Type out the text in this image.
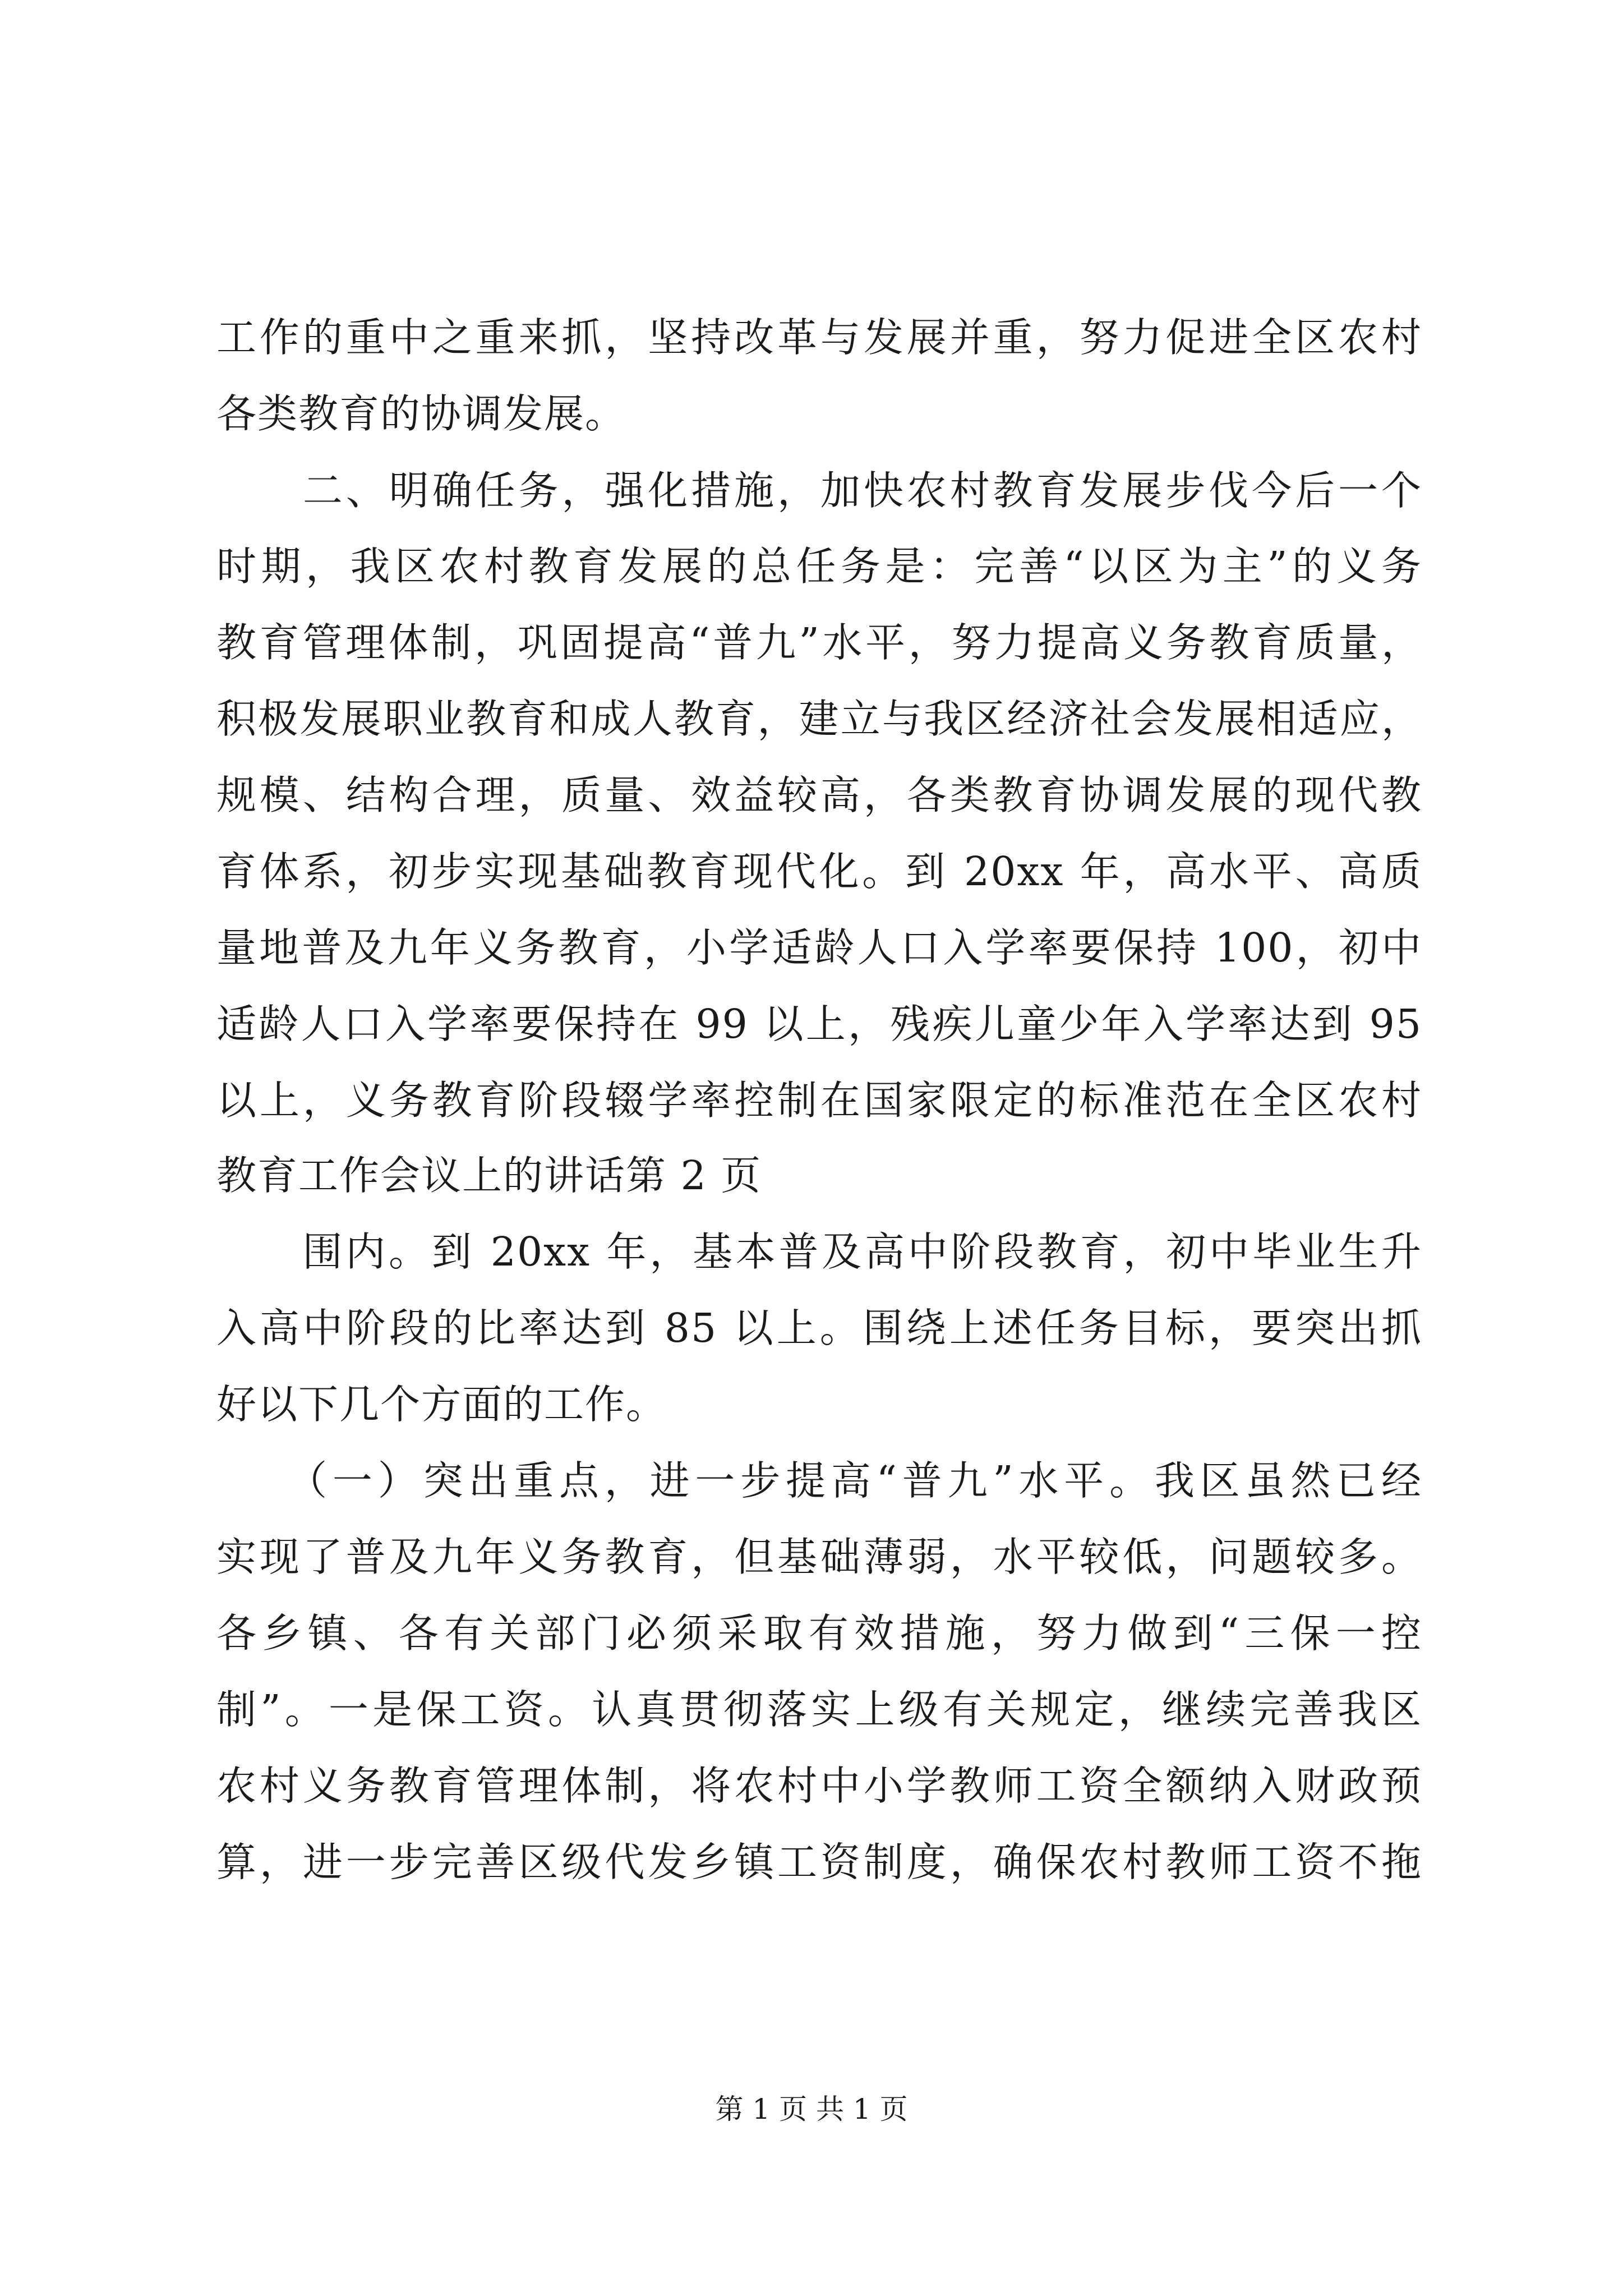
工作的重中之重来抓，坚持改革与发展并重，努力促进全区农村
各类教育的协调发展。
　　二、明确任务，强化措施，加快农村教育发展步伐今后一个
时期，我区农村教育发展的总任务是：完善“以区为主”的义务
教育管理体制，巩固提高“普九”水平，努力提高义务教育质量，
积极发展职业教育和成人教育，建立与我区经济社会发展相适应，
规模、结构合理，质量、效益较高，各类教育协调发展的现代教
育体系，初步实现基础教育现代化。到 20xx 年，高水平、高质
量地普及九年义务教育，小学适龄人口入学率要保持 100，初中
适龄人口入学率要保持在 99 以上，残疾儿童少年入学率达到 95
以上，义务教育阶段辍学率控制在国家限定的标准范在全区农村
教育工作会议上的讲话第 2 页
　　围内。到 20xx 年，基本普及高中阶段教育，初中毕业生升
入高中阶段的比率达到 85 以上。围绕上述任务目标，要突出抓
好以下几个方面的工作。
　　（一）突出重点，进一步提高“普九”水平。我区虽然已经
实现了普及九年义务教育，但基础薄弱，水平较低，问题较多。
各乡镇、各有关部门必须采取有效措施，努力做到“三保一控
制”。一是保工资。认真贯彻落实上级有关规定，继续完善我区
农村义务教育管理体制，将农村中小学教师工资全额纳入财政预
算，进一步完善区级代发乡镇工资制度，确保农村教师工资不拖
第 1 页 共 1 页
